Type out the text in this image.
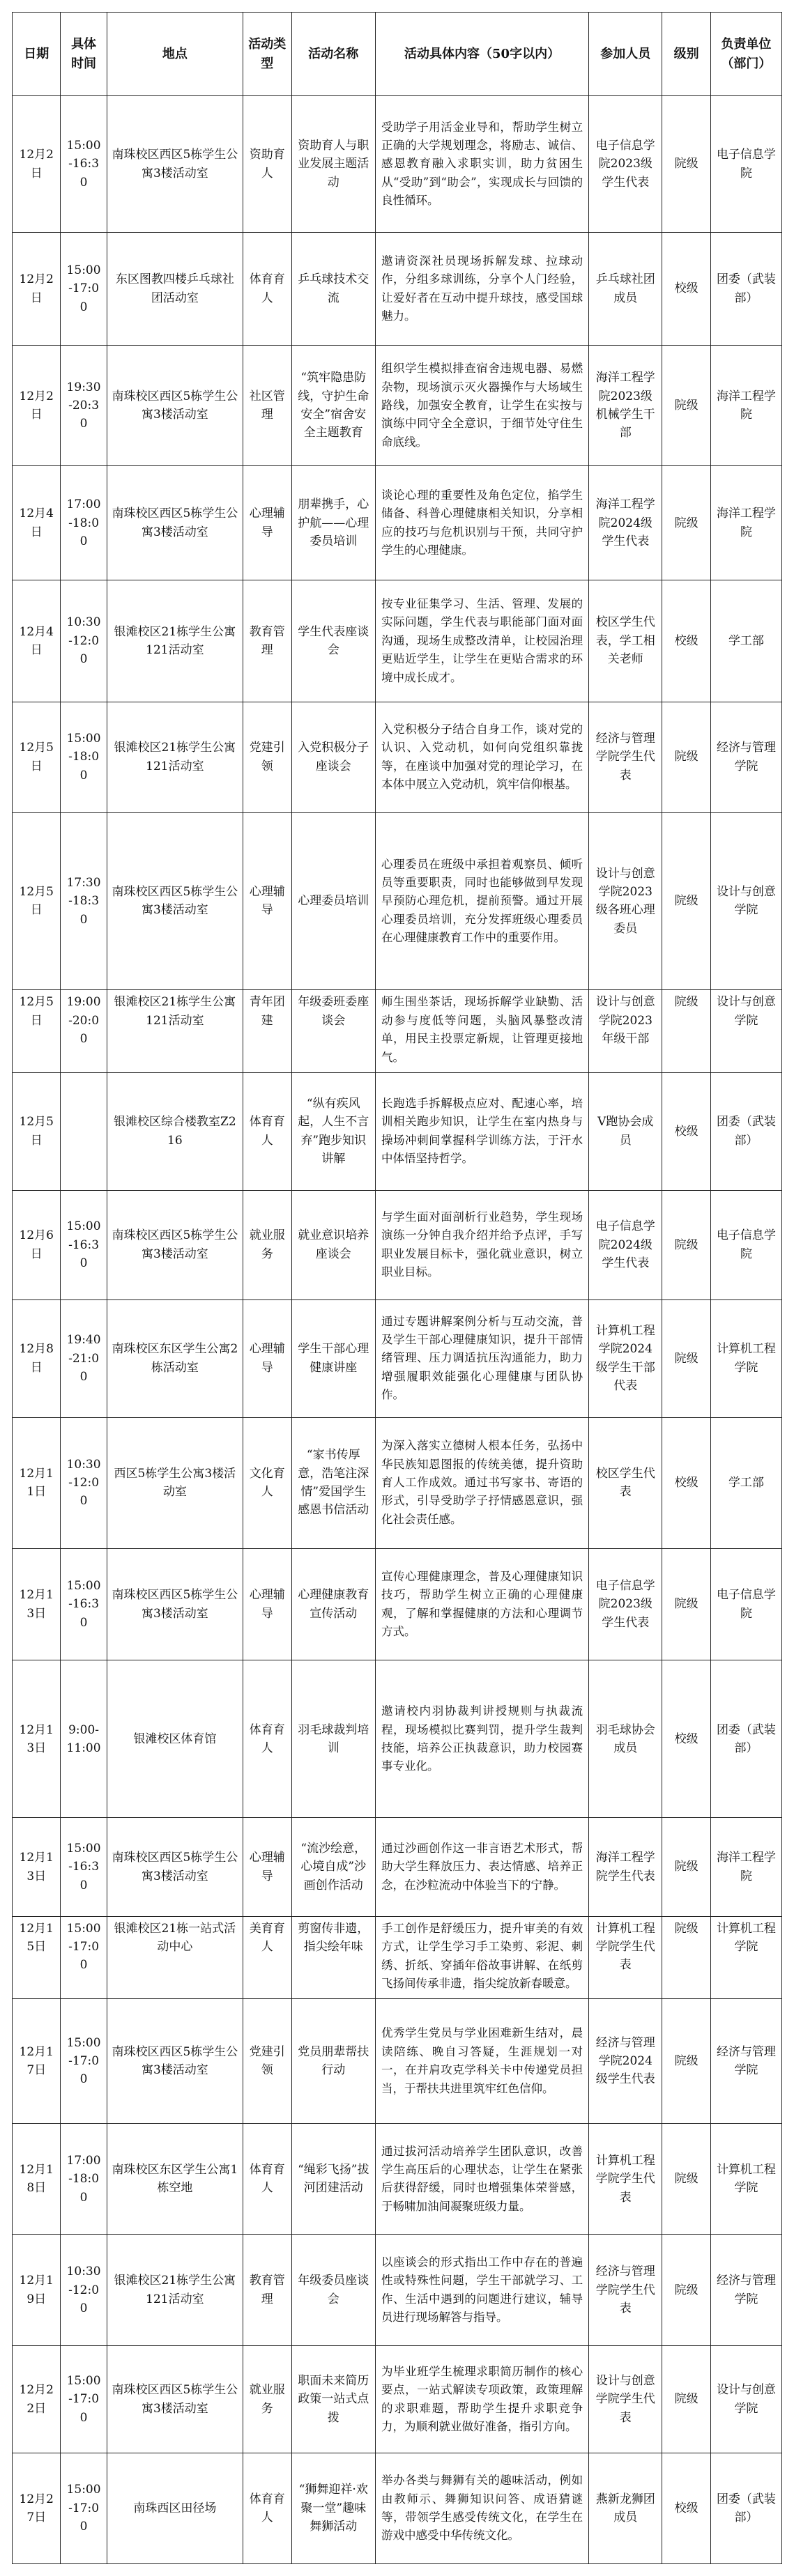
日期	具体时间	地点	活动类型	活动名称	活动具体内容（50字以内）	参加人员	级别	负责单位（部门）
12月2日	15:00-16:30	南珠校区西区5栋学生公寓3楼活动室	资助育人	资助育人与职业发展主题活动	受助学子用活金业导和，帮助学生树立正确的大学规划理念，将励志、诚信、感恩教育融入求职实训，助力贫困生从“受助”到“助会”，实现成长与回馈的良性循环。	电子信息学院2023级学生代表	院级	电子信息学院
12月2日	15:00-17:00	东区图教四楼乒乓球社团活动室	体育育人	乒乓球技术交流	邀请资深社员现场拆解发球、拉球动作，分组多球训练，分享个人门经验，让爱好者在互动中提升球技，感受国球魅力。	乒乓球社团成员	校级	团委（武装部）
12月2日	19:30-20:30	南珠校区西区5栋学生公寓3楼活动室	社区管理	“筑牢隐患防线，守护生命安全”宿舍安全主题教育	组织学生模拟排查宿舍违规电器、易燃杂物，现场演示灭火器操作与大场域生路线，加强安全教育，让学生在实按与演练中同守全全意识，于细节处守住生命底线。	海洋工程学院2023级机械学生干部	院级	海洋工程学院
12月4日	17:00-18:00	南珠校区西区5栋学生公寓3楼活动室	心理辅导	朋辈携手，心护航——心理委员培训	谈论心理的重要性及角色定位，掐学生储备、科普心理健康相关知识，分享相应的技巧与危机识别与干预，共同守护学生的心理健康。	海洋工程学院2024级学生代表	院级	海洋工程学院
12月4日	10:30-12:00	银滩校区21栋学生公寓121活动室	教育管理	学生代表座谈会	按专业征集学习、生活、管理、发展的实际问题，学生代表与职能部门面对面沟通，现场生成整改清单，让校园治理更贴近学生，让学生在更贴合需求的环境中成长成才。	校区学生代表，学工相关老师	校级	学工部
12月5日	15:00-18:00	银滩校区21栋学生公寓121活动室	党建引领	入党积极分子座谈会	入党积极分子结合自身工作，谈对党的认识、入党动机，如何向党组织靠拢等，在座谈中加强对党的理论学习，在本体中展立入党动机，筑牢信仰根基。	经济与管理学院学生代表	院级	经济与管理学院
12月5日	17:30-18:30	南珠校区西区5栋学生公寓3楼活动室	心理辅导	心理委员培训	心理委员在班级中承担着观察员、倾听员等重要职责，同时也能够做到早发现早预防心理危机，提前预警。通过开展心理委员培训，充分发挥班级心理委员在心理健康教育工作中的重要作用。	设计与创意学院2023级各班心理委员	院级	设计与创意学院
12月5日	19:00-20:00	银滩校区21栋学生公寓121活动室	青年团建	年级委班委座谈会	师生围坐茶话，现场拆解学业缺勤、活动参与度低等问题，头脑风暴整改清单，用民主投票定新规，让管理更接地气。	设计与创意学院2023年级干部	院级	设计与创意学院
12月5日		银滩校区综合楼教室Z216	体育育人	“纵有疾风起，人生不言弃”跑步知识讲解	长跑选手拆解极点应对、配速心率，培训相关跑步知识，让学生在室内热身与操场冲刺间掌握科学训练方法，于汗水中体悟坚持哲学。	V跑协会成员	校级	团委（武装部）
12月6日	15:00-16:30	南珠校区西区5栋学生公寓3楼活动室	就业服务	就业意识培养座谈会	与学生面对面剖析行业趋势，学生现场演练一分钟自我介绍并给予点评，手写职业发展目标卡，强化就业意识，树立职业目标。	电子信息学院2024级学生代表	院级	电子信息学院
12月8日	19:40-21:00	南珠校区东区学生公寓2栋活动室	心理辅导	学生干部心理健康讲座	通过专题讲解案例分析与互动交流，普及学生干部心理健康知识，提升干部情绪管理、压力调适抗压沟通能力，助力增强履职效能强化心理健康与团队协作。	计算机工程学院2024级学生干部代表	院级	计算机工程学院
12月11日	10:30-12:00	西区5栋学生公寓3楼活动室	文化育人	“家书传厚意，浩笔注深情”爱国学生感恩书信活动	为深入落实立德树人根本任务，弘扬中华民族知恩图报的传统美德，提升资助育人工作成效。通过书写家书、寄语的形式，引导受助学子抒情感恩意识，强化社会责任感。	校区学生代表	校级	学工部
12月13日	15:00-16:30	南珠校区西区5栋学生公寓3楼活动室	心理辅导	心理健康教育宣传活动	宣传心理健康理念，普及心理健康知识技巧，帮助学生树立正确的心理健康观，了解和掌握健康的方法和心理调节方式。	电子信息学院2023级学生代表	院级	电子信息学院
12月13日	9:00-11:00	银滩校区体育馆	体育育人	羽毛球裁判培训	邀请校内羽协裁判讲授规则与执裁流程，现场模拟比赛判罚，提升学生裁判技能，培养公正执裁意识，助力校园赛事专业化。	羽毛球协会成员	校级	团委（武装部）
12月13日	15:00-16:30	南珠校区西区5栋学生公寓3楼活动室	心理辅导	“流沙绘意，心境自成”沙画创作活动	通过沙画创作这一非言语艺术形式，帮助大学生释放压力、表达情感、培养正念，在沙粒流动中体验当下的宁静。	海洋工程学院学生代表	院级	海洋工程学院
12月15日	15:00-17:00	银滩校区21栋一站式活动中心	美育育人	剪窗传非遗，指尖绘年味	手工创作是舒缓压力，提升审美的有效方式，让学生学习手工染剪、彩泥、刺绣、折纸、穿插年俗故事讲解、在纸剪飞扬间传承非遗，指尖绽放新春暖意。	计算机工程学院学生代表	院级	计算机工程学院
12月17日	15:00-17:00	南珠校区西区5栋学生公寓3楼活动室	党建引领	党员朋辈帮扶行动	优秀学生党员与学业困难新生结对，晨读陪练、晚自习答疑，生涯规划一对一，在并肩攻克学科关卡中传递党员担当，于帮扶共进里筑牢红色信仰。	经济与管理学院2024级学生代表	院级	经济与管理学院
12月18日	17:00-18:00	南珠校区东区学生公寓1栋空地	体育育人	“绳彩飞扬”拔河团建活动	通过拔河活动培养学生团队意识，改善学生高压后的心理状态，让学生在紧张后获得舒缓，同时也增强集体荣誉感，于畅啸加油间凝聚班级力量。	计算机工程学院学生代表	院级	计算机工程学院
12月19日	10:30-12:00	银滩校区21栋学生公寓121活动室	教育管理	年级委员座谈会	以座谈会的形式指出工作中存在的普遍性或特殊性问题，学生干部就学习、工作、生活中遇到的问题进行建议，辅导员进行现场解答与指导。	经济与管理学院学生代表	院级	经济与管理学院
12月22日	15:00-17:00	南珠校区西区5栋学生公寓3楼活动室	就业服务	职面未来简历政策一站式点拨	为毕业班学生梳理求职简历制作的核心要点，一站式解读专项政策，政策理解的求职难题，帮助学生提升求职竞争力，为顺利就业做好准备，指引方向。	设计与创意学院学生代表	院级	设计与创意学院
12月27日	15:00-17:00	南珠西区田径场	体育育人	“狮舞迎祥·欢聚一堂”趣味舞狮活动	举办各类与舞狮有关的趣味活动，例如由教师示、舞狮知识问答、成语猜谜等，带领学生感受传统文化，在学生在游戏中感受中华传统文化。	燕新龙狮团成员	校级	团委（武装部）
